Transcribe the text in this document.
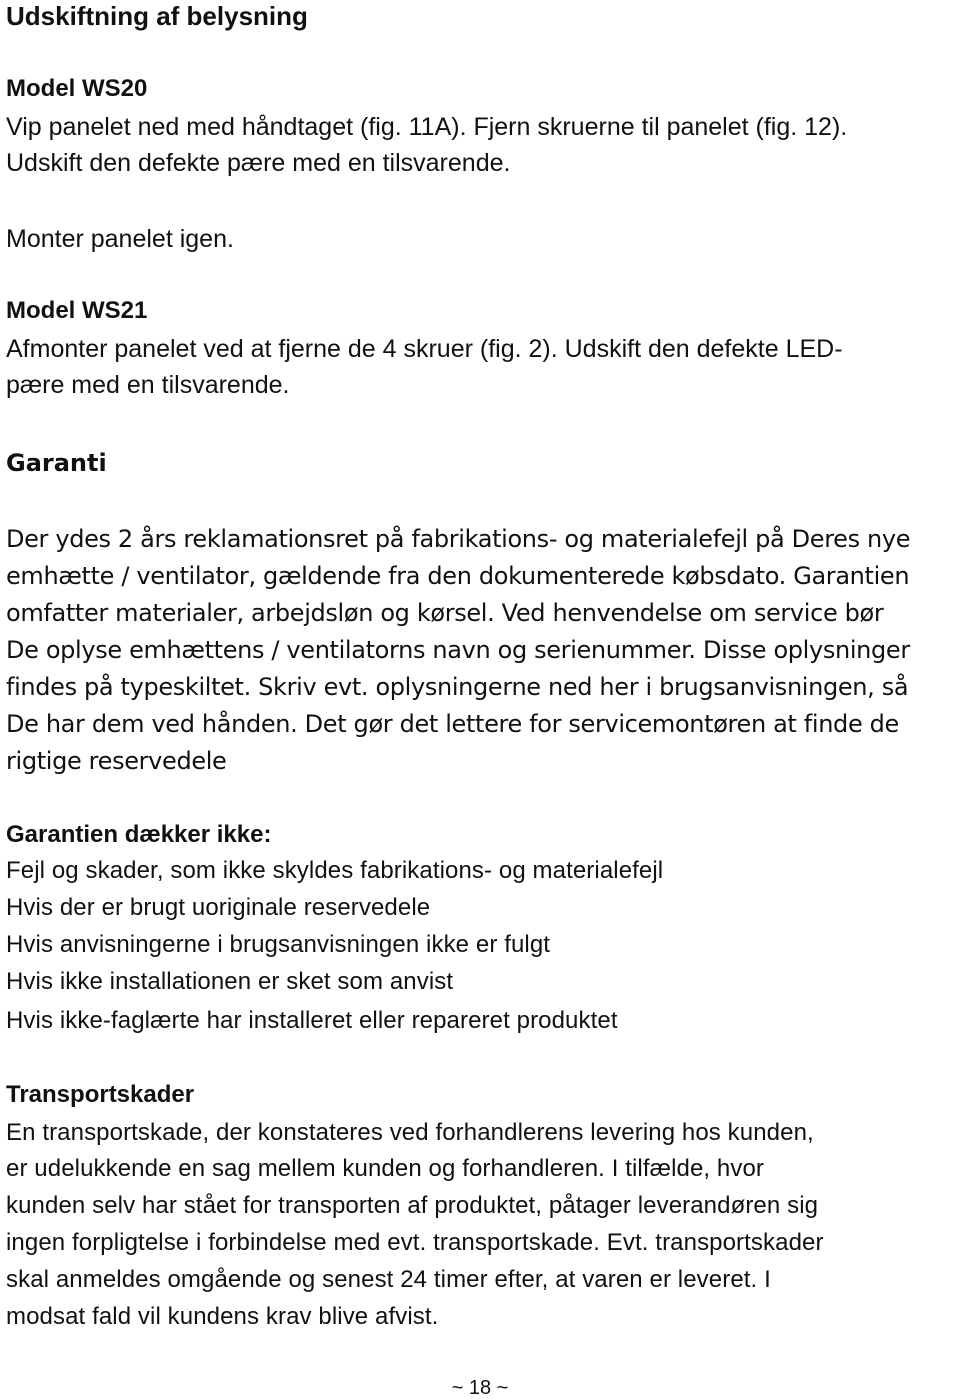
Udskiftning af belysning
Model WS20
Vip panelet ned med håndtaget (fig. 11A). Fjern skruerne til panelet (fig. 12).
Udskift den defekte pære med en tilsvarende.
Monter panelet igen.
Model WS21
Afmonter panelet ved at fjerne de 4 skruer (fig. 2). Udskift den defekte LED-
pære med en tilsvarende.
Garanti
Der ydes 2 års reklamationsret på fabrikations- og materialefejl på Deres nye
emhætte / ventilator, gældende fra den dokumenterede købsdato. Garantien
omfatter materialer, arbejdsløn og kørsel. Ved henvendelse om service bør
De oplyse emhættens / ventilatorns navn og serienummer. Disse oplysninger
findes på typeskiltet. Skriv evt. oplysningerne ned her i brugsanvisningen, så
De har dem ved hånden. Det gør det lettere for servicemontøren at finde de
rigtige reservedele
Garantien dækker ikke:
Fejl og skader, som ikke skyldes fabrikations- og materialefejl
Hvis der er brugt uoriginale reservedele
Hvis anvisningerne i brugsanvisningen ikke er fulgt
Hvis ikke installationen er sket som anvist
Hvis ikke-faglærte har installeret eller repareret produktet
Transportskader
En transportskade, der konstateres ved forhandlerens levering hos kunden,
er udelukkende en sag mellem kunden og forhandleren. I tilfælde, hvor
kunden selv har stået for transporten af produktet, påtager leverandøren sig
ingen forpligtelse i forbindelse med evt. transportskade. Evt. transportskader
skal anmeldes omgående og senest 24 timer efter, at varen er leveret. I
modsat fald vil kundens krav blive afvist.
~ 18 ~
